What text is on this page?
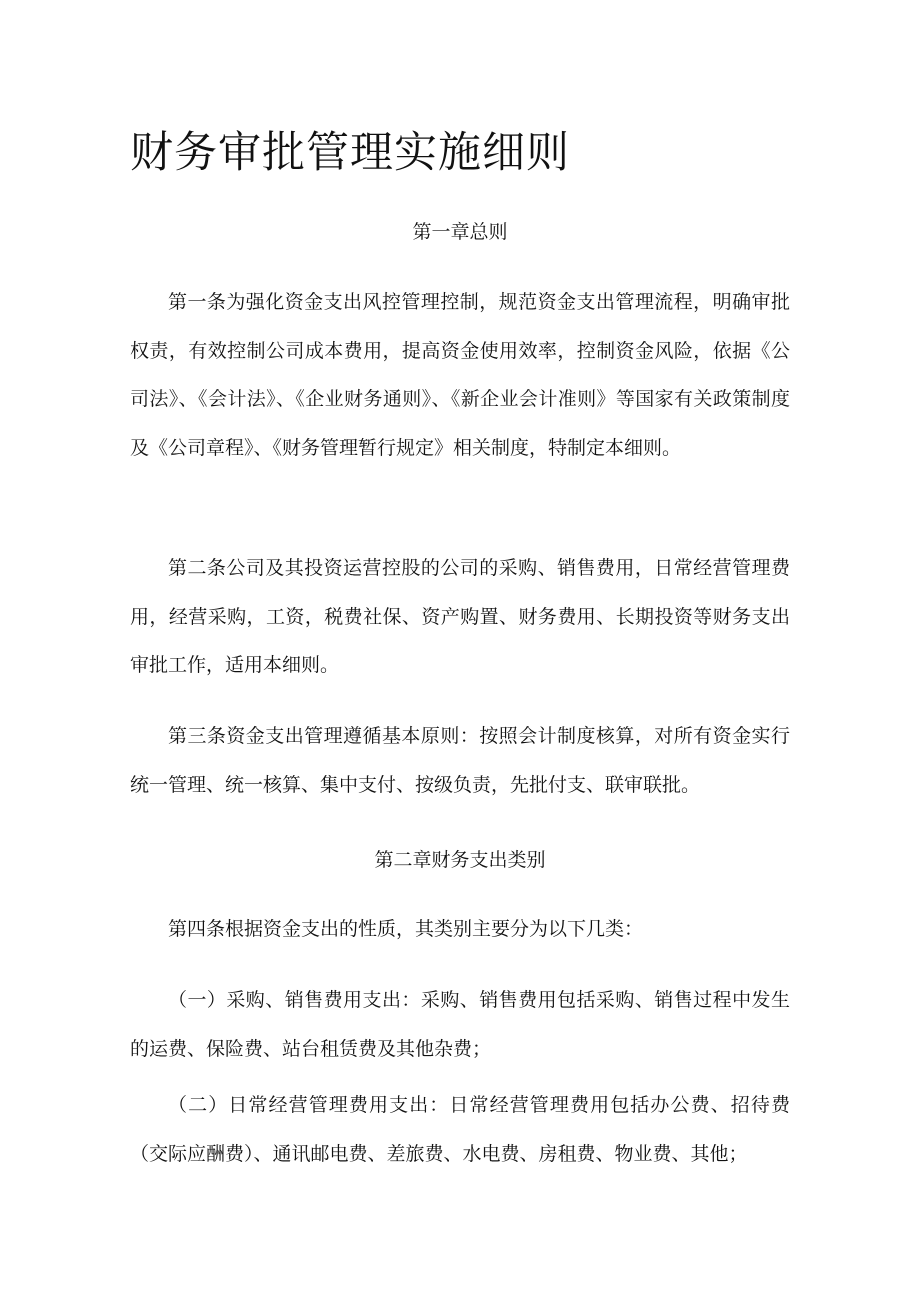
财务审批管理实施细则
第一章总则

第一条为强化资金支出风控管理控制，规范资金支出管理流程，明确审批权责，有效控制公司成本费用，提高资金使用效率，控制资金风险，依据《公司法》、《会计法》、《企业财务通则》、《新企业会计准则》等国家有关政策制度及《公司章程》、《财务管理暂行规定》相关制度，特制定本细则。

第二条公司及其投资运营控股的公司的采购、销售费用，日常经营管理费用，经营采购，工资，税费社保、资产购置、财务费用、长期投资等财务支出审批工作，适用本细则。

第三条资金支出管理遵循基本原则：按照会计制度核算，对所有资金实行统一管理、统一核算、集中支付、按级负责，先批付支、联审联批。

第二章财务支出类别

第四条根据资金支出的性质，其类别主要分为以下几类：

（一）采购、销售费用支出：采购、销售费用包括采购、销售过程中发生的运费、保险费、站台租赁费及其他杂费；

（二）日常经营管理费用支出：日常经营管理费用包括办公费、招待费（交际应酬费）、通讯邮电费、差旅费、水电费、房租费、物业费、其他；
